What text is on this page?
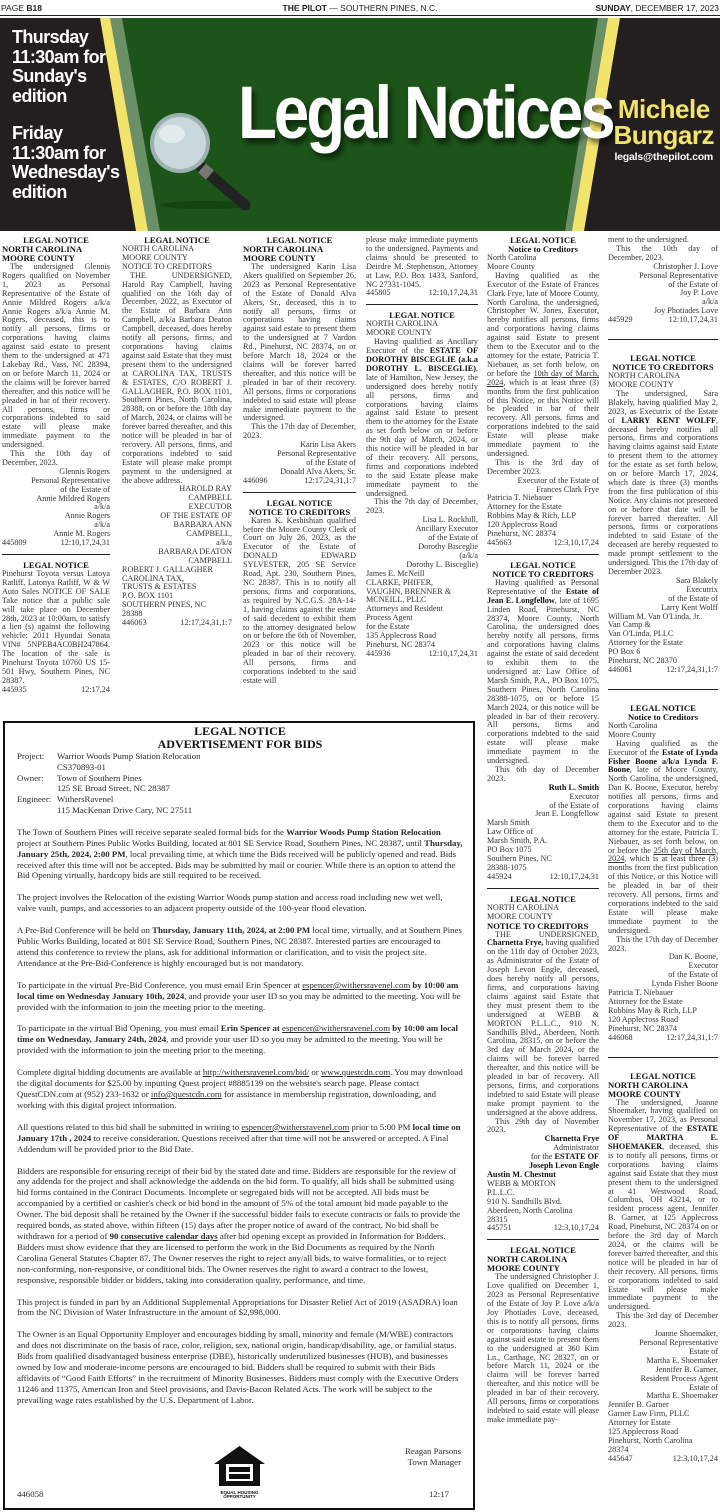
PAGE B18	THE PILOT — SOUTHERN PINES, N.C.	SUNDAY, DECEMBER 17, 2023
Thursday
11:30am for
Sunday's
edition
Friday
11:30am for
Wednesday's
edition
Legal Notices Michele
Bungarz
legals@thepilot.com
LEGAL NOTICE
NORTH CAROLINA
MOORE COUNTY

The undersigned Glennis Rogers qualified on November 1, 2023 as Personal Representative of the Estate of Annie Mildred Rogers a/k/a Annie Rogers a/k/a Annie M. Rogers, deceased, this is to notify all persons, firms or corporations having claims against said estate to present them to the undersigned at 471 Lakebay Rd., Vass, NC 28394, on or before March 11, 2024 or the claims will be forever barred thereafter, and this notice will be pleaded in bar of their recovery. All persons, firms or corporations indebted to said estate will please make immediate payment to the undersigned.

This the 10th day of December, 2023.

Glennis Rogers
Personal Representative
of the Estate of
Annie Mildred Rogers
a/k/a
Annie Rogers
a/k/a
Annie M. Rogers
445809	12:10,17,24,31
LEGAL NOTICE

Pinehurst Toyota versus Latoya Ratliff, Latonya Ratliff, W & W Auto Sales NOTICE OF SALE Take notice that a public sale will take place on December 28th, 2023 at 10:00am, to satisfy a lien (s) against the following vehicle: 2011 Hyundai Sonata VIN# 5NPEB4AC0BH247864. The location of the sale is Pinehurst Toyota 10760 US 15-501 Hwy, Southern Pines, NC 28387.

445935	12:17,24
LEGAL NOTICE
NORTH CAROLINA
MOORE COUNTY
NOTICE TO CREDITORS

THE UNDERSIGNED, Harold Ray Campbell, having qualified on the 16th day of December, 2022, as Executor of the Estate of Barbara Ann Campbell, a/k/a Barbara Deaton Campbell, deceased, does hereby notify all persons, firms, and corporations having claims against said Estate that they must present them to the undersigned at CAROLINA TAX, TRUSTS & ESTATES, C/O ROBERT J. GALLAGHER, P.O. BOX 1101, Southern Pines, North Carolina, 28388, on or before the 18th day of March, 2024, or claims will be forever barred thereafter, and this notice will be pleaded in bar of recovery. All persons, firms, and corporations indebted to said Estate will please make prompt payment to the undersigned at the above address.

HAROLD RAY
CAMPBELL
EXECUTOR
OF THE ESTATE OF
BARBARA ANN
CAMPBELL,
a/k/a
BARBARA DEATON
CAMPBELL
ROBERT J. GALLAGHER
CAROLINA TAX,
TRUSTS & ESTATES
P.O. BOX 1101
SOUTHERN PINES, NC
28388
446063	12:17,24,31,1:7
LEGAL NOTICE
NORTH CAROLINA
MOORE COUNTY

The undersigned Karin Lisa Akers qualified on September 26, 2023 as Personal Representative of the Estate of Donald Alva Akers, Sr., deceased, this is to notify all persons, firms or corporations having claims against said estate to present them to the undersigned at 7 Vardon Rd., Pinehurst, NC 28374, on or before March 18, 2024 or the claims will be forever barred thereafter, and this notice will be pleaded in bar of their recovery. All persons, firms or corporations indebted to said estate will please make immediate payment to the undersigned.

This the 17th day of December, 2023.

Karin Lisa Akers
Personal Representative
of the Estate of
Donald Alva Akers, Sr.
446096	12:17,24,31,1:7
LEGAL NOTICE
NOTICE TO CREDITORS

Karen K. Keshishian qualified before the Moore County Clerk of Court on July 26, 2023, as the Executor of the Estate of DONALD EDWARD SYLVESTER, 205 SE Service Road, Apt. 230, Southern Pines, NC 28387. This is to notify all persons, firms and corporations, as required by N.C.G.S. 28A-14-1, having claims against the estate of said decedent to exhibit them to the attorney designated below on or before the 6th of November, 2023 or this notice will be pleaded in bar of their recovery. All persons, firms and corporations indebted to the said estate will

please make immediate payments to the undersigned. Payments and claims should be presented to Deirdre M. Stephenson, Attorney at Law, P.O. Box 1433, Sanford, NC 27331-1045.

445805	12:10,17,24,31
LEGAL NOTICE
NORTH CAROLINA
MOORE COUNTY

Having qualified as Ancillary Executor of the ESTATE OF DOROTHY BISCEGLIE (a.k.a DOROTHY L. BISCEGLIE), late of Hamilton, New Jersey, the undersigned does hereby notify all persons, firms and corporations having claims against said Estate to present them to the attorney for the Estate as set forth below on or before the 9th day of March, 2024, or this notice will be pleaded in bar of their recovery. All persons, firms and corporations indebted to the said Estate please make immediate payment to the undersigned.

This the 7th day of December, 2023.

Lisa L. Rockhill,
Ancillary Executor
of the Estate of
Dorothy Bisceglie
(a/k/a
Dorothy L. Bisceglie)
James E. McNeill
CLARKE, PHIFER,
VAUGHN, BRENNER &
MCNEILL, PLLC
Attorneys and Resident
Process Agent
for the Estate
135 Applecross Road
Pinehurst, NC 28374
445936	12:10,17,24,31
LEGAL NOTICE
Notice to Creditors
North Carolina
Moore County

Having qualified as the Executor of the Estate of Frances Clark Frye, late of Moore County, North Carolina, the undersigned, Christopher W. Jones, Executor, hereby notifies all persons, firms and corporations having claims against said Estate to present them to the Executor and to the attorney for the estate, Patricia T. Niebauer, as set forth below, on or before the 10th day of March, 2024, which is at least three (3) months from the first publication of this Notice, or this Notice will be pleaded in bar of their recovery. All persons, firms and corporations indebted to the said Estate will please make immediate payment to the undersigned.

This is the 3rd day of December 2023.

Executor of the Estate of
Frances Clark Frye
Patricia T. Niebauer
Attorney for the Estate
Robbins May & Rich, LLP
120 Applecross Road
Pinehurst, NC 28374
445663	12:3,10,17,24
LEGAL NOTICE
NOTICE TO CREDITORS

Having qualified as Personal Representative of the Estate of Jean E. Longfellow, late of 1695 Linden Road, Pinehurst, NC 28374, Moore County, North Carolina, the undersigned does hereby notify all persons, firms and corporations having claims against the estate of said decedent to exhibit them to the undersigned at: Law Office of Marsh Smith, P.A., PO Box 1075, Southern Pines, North Carolina 28388-1075, on or before 15 March 2024, or this notice will be pleaded in bar of their recovery. All persons, firms and corporations indebted to the said estate will please make immediate payment to the undersigned.

This 6th day of December 2023.

Ruth L. Smith
Executor
of the Estate of
Jean E. Longfellow
Marsh Smith
Law Office of
Marsh Smith, P.A.
PO Box 1075
Southern Pines, NC
28388-1075
445924	12:10,17,24,31
LEGAL NOTICE
NORTH CAROLINA
MOORE COUNTY
NOTICE TO CREDITORS

THE UNDERSIGNED, Charnetta Frye, having qualified on the 11th day of October 2023, as Administrator of the Estate of Joseph Levon Engle, deceased, does hereby notify all persons, firms, and corporations having claims against said Estate that they must present them to the undersigned at WEBB & MORTON P.L.L.C., 910 N. Sandhills Blvd., Aberdeen, North Carolina, 28315, on or before the 3rd day of March 2024, or the claims will be forever barred thereafter, and this notice will be pleaded in bar of recovery. All persons, firms, and corporations indebted to said Estate will please make prompt payment to the undersigned at the above address.

This 29th day of November 2023.

Charnetta Frye
Administrator
for the ESTATE OF
Joseph Levon Engle
Austin M. Chestnut
WEBB & MORTON
P.L.L.C.
910 N. Sandhills Blvd.
Aberdeen, North Carolina
28315
445751	12:3,10,17,24
LEGAL NOTICE
NORTH CAROLINA
MOORE COUNTY

The undersigned Christopher J. Love qualified on December 1, 2023 as Personal Representative of the Estate of Joy P. Love a/k/a Joy Photiades Love, deceased, this is to notify all persons, firms or corporations having claims against said estate to present them to the undersigned at 360 Kim Ln., Carthage, NC 28327, on or before March 11, 2024 or the claims will be forever barred thereafter, and this notice will be pleaded in bar of their recovery. All persons, firms or corporations indebted to said estate will please make immediate pay-

ment to the undersigned.

This the 10th day of December, 2023.

Christopher J. Love
Personal Representative
of the Estate of
Joy P. Love
a/k/a
Joy Photiades Love
445929	12:10,17,24,31
LEGAL NOTICE
NOTICE TO CREDITORS
NORTH CAROLINA
MOORE COUNTY

The undersigned, Sara Blakely, having qualified May 2, 2023, as Executrix of the Estate of LARRY KENT WOLFF, deceased hereby notifies all persons, firms and corporations having claims against said Estate to present them to the attorney for the estate as set forth below, on or before March 17, 2024, which date is three (3) months from the first publication of this Notice. Any claims not presented on or before that date will be forever barred thereafter. All persons, firms or corporations indebted to said Estate of the deceased are hereby requested to made prompt settlement to the undersigned. This the 17th day of December 2023.

Sara Blakely
Executrix
of the Estate of
Larry Kent Wolff
William M. Van O'Linda, Jr.
Van Camp &
Van O'Linda, PLLC
Attorney for the Estate
PO Box 6
Pinehurst, NC 28370
446061	12:17,24,31,1:7
LEGAL NOTICE
Notice to Creditors
North Carolina
Moore County

Having qualified as the Executor of the Estate of Lynda Fisher Boone a/k/a Lynda F. Boone, late of Moore County, North Carolina, the undersigned, Dan K. Boone, Executor, hereby notifies all persons, firms and corporations having claims against said Estate to present them to the Executor and to the attorney for the estate, Patricia T. Niebauer, as set forth below, on or before the 25th day of March, 2024, which is at least three (3) months from the first publication of this Notice, or this Notice will be pleaded in bar of their recovery. All persons, firms and corporations indebted to the said Estate will please make immediate payment to the undersigned.

This the 17th day of December 2023.

Dan K. Boone,
Executor
of the Estate of
Lynda Fisher Boone
Patricia T. Niebauer
Attorney for the Estate
Robbins May & Rich, LLP
120 Applecross Road
Pinehurst, NC 28374
446068	12:17,24,31,1:7
LEGAL NOTICE
NORTH CAROLINA
MOORE COUNTY

The undersigned, Joanne Shoemaker, having qualified on November 17, 2023, as Personal Representative of the ESTATE OF MARTHA E. SHOEMAKER, deceased, this is to notify all persons, firms or corporations having claims against said Estate that they must present them to the undersigned at 41 Westwood Road, Columbus, OH 43214, or to resident process agent, Jennifer B. Garner, at 125 Applecross Road, Pinehurst, NC 28374 on or before the 3rd day of March 2024, or the claims will be forever barred thereafter, and this notice will be pleaded in bar of their recovery. All persons, firms or corporations indebted to said Estate will please make immediate payment to the undersigned.

This the 3rd day of December 2023.

Joanne Shoemaker,
Personal Representative
Estate of
Martha E. Shoemaker
Jennifer B. Garner,
Resident Process Agent
Estate of
Martha E. Shoemaker
Jennifer B. Garner
Garner Law Firm, PLLC
Attorney for Estate
125 Applecross Road
Pinehurst, North Carolina
28374
445647	12:3,10,17,24
LEGAL NOTICE
ADVERTISEMENT FOR BIDS
Project:	Warrior Woods Pump Station Relocation
CS370893-01
Owner:	Town of Southern Pines
125 SE Broad Street, NC 28387
Engineer: WithersRavenel
115 MacKenan Drive Cary, NC 27511

The Town of Southern Pines will receive separate sealed formal bids for the Warrior Woods Pump Station Relocation project at Southern Pines Public Works Building, located at 801 SE Service Road, Southern Pines, NC 28387, until Thursday, January 25th, 2024, 2:00 PM, local prevailing time, at which time the Bids received will be publicly opened and read. Bids received after this time will not be accepted. Bids may be submitted by mail or courier. While there is an option to attend the Bid Opening virtually, hardcopy bids are still required to be received.

The project involves the Relocation of the existing Warrior Woods pump station and access road including new wet well, valve vault, pumps, and accessories to an adjacent property outside of the 100-year flood elevation.

A Pre-Bid Conference will be held on Thursday, January 11th, 2024, at 2:00 PM local time, virtually, and at Southern Pines Public Works Building, located at 801 SE Service Road, Southern Pines, NC 28387. Interested parties are encouraged to attend this conference to review the plans, ask for additional information or clarification, and to visit the project site. Attendance at the Pre-Bid-Conference is highly encouraged but is not mandatory.

To participate in the virtual Pre-Bid Conference, you must email Erin Spencer at espencer@withersravenel.com by 10:00 am local time on Wednesday January 10th, 2024, and provide your user ID so you may be admitted to the meeting. You will be provided with the information to join the meeting prior to the meeting.

To participate in the virtual Bid Opening, you must email Erin Spencer at espencer@withersravenel.com by 10:00 am local time on Wednesday, January 24th, 2024, and provide your user ID so you may be admitted to the meeting. You will be provided with the information to join the meeting prior to the meeting.

Complete digital bidding documents are available at http://withersravenel.com/bid/ or www.questcdn.com. You may download the digital documents for $25.00 by inputting Quest project #8885139 on the website's search page. Please contact QuestCDN.com at (952) 233-1632 or info@questcdn.com for assistance in membership registration, downloading, and working with this digital project information.

All questions related to this bid shall be submitted in writing to espencer@withersravenel.com prior to 5:00 PM local time on January 17th , 2024 to receive consideration. Questions received after that time will not be answered or accepted. A Final Addendum will be provided prior to the Bid Date.

Bidders are responsible for ensuring receipt of their bid by the stated date and time. Bidders are responsible for the review of any addenda for the project and shall acknowledge the addenda on the bid form. To qualify, all bids shall be submitted using bid forms contained in the Contract Documents. Incomplete or segregated bids will not be accepted. All bids must be accompanied by a certified or cashier's check or bid bond in the amount of 5% of the total amount bid made payable to the Owner. The bid deposit shall be retained by the Owner if the successful bidder fails to execute contracts or fails to provide the required bonds, as stated above, within fifteen (15) days after the proper notice of award of the contract. No bid shall be withdrawn for a period of 90 consecutive calendar days after bid opening except as provided in Information for Bidders. Bidders must show evidence that they are licensed to perform the work in the Bid Documents as required by the North Carolina General Statutes Chapter 87. The Owner reserves the right to reject any/all bids, to waive formalities, or to reject non-conforming, non-responsive, or conditional bids. The Owner reserves the right to award a contract to the lowest, responsive, responsible bidder or bidders, taking into consideration quality, performance, and time.

This project is funded in part by an Additional Supplemental Appropriations for Disaster Relief Act of 2019 (ASADRA) loan from the NC Division of Water Infrastructure in the amount of $2,998,000.

The Owner is an Equal Opportunity Employer and encourages bidding by small, minority and female (M/WBE) contractors and does not discriminate on the basis of race, color, religion, sex, national origin, handicap/disability, age, or familial status. Bids from qualified disadvantaged business enterprise (DBE), historically underutilized businesses (HUB), and businesses owned by low and moderate-income persons are encouraged to bid. Bidders shall be required to submit with their Bids affidavits of “Good Faith Efforts” in the recruitment of Minority Businesses. Bidders must comply with the Executive Orders 11246 and 11375, American Iron and Steel provisions, and Davis-Bacon Related Acts. The work will be subject to the prevailing wage rates established by the U.S. Department of Labor.

EQUAL HOUSING
OPPORTUNITY
Reagan Parsons
Town Manager
446058	12:17
